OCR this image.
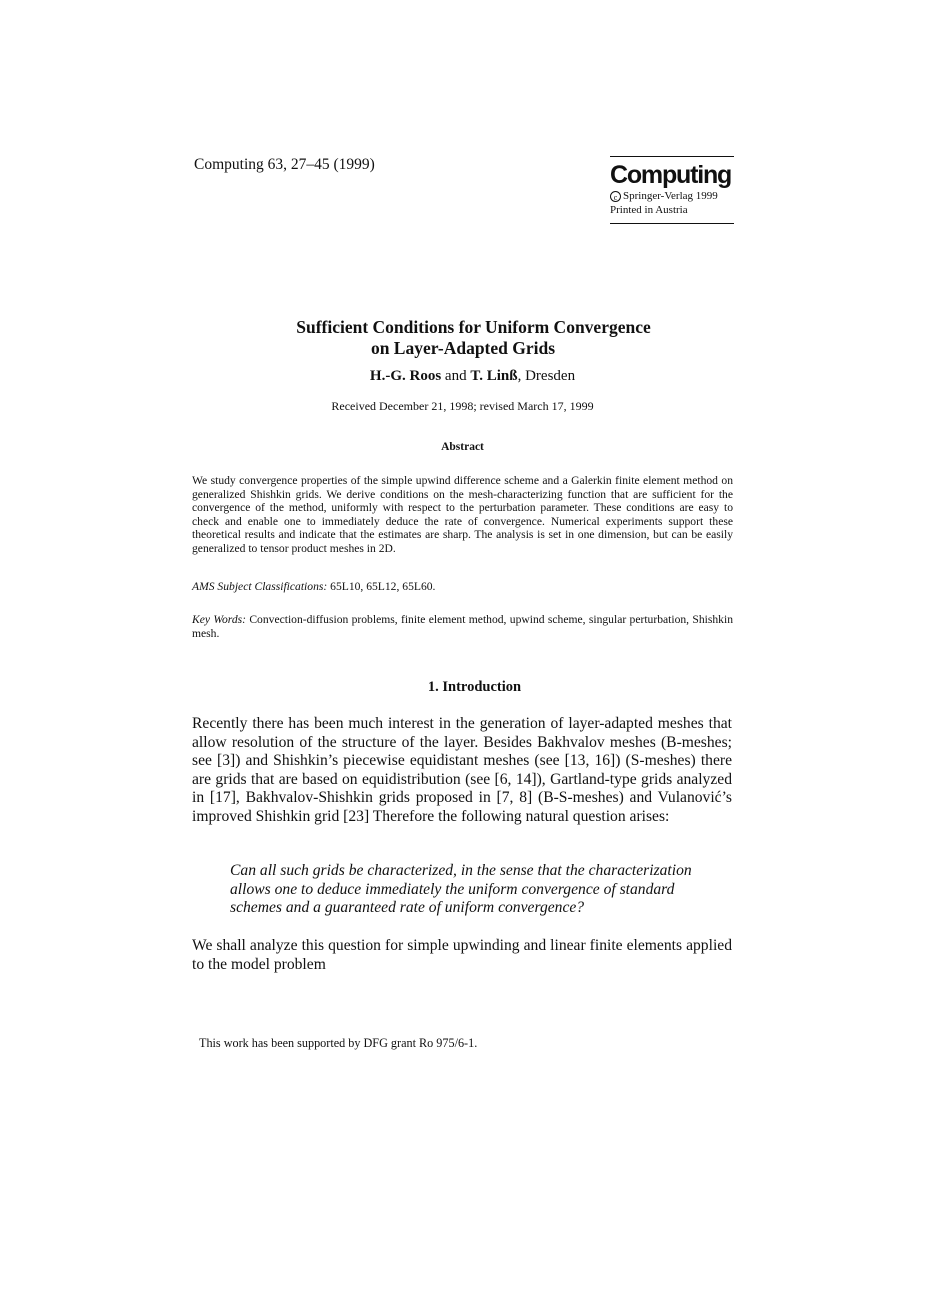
Computing 63, 27–45 (1999)	Computing
c Springer-Verlag 1999
Printed in Austria
Sufficient Conditions for Uniform Convergence
on Layer-Adapted Grids
H.-G. Roos and T. Linß, Dresden
Received December 21, 1998; revised March 17, 1999
Abstract
We study convergence properties of the simple upwind difference scheme and a Galerkin finite element method on generalized Shishkin grids. We derive conditions on the mesh-characterizing function that are sufficient for the convergence of the method, uniformly with respect to the perturbation parameter. These conditions are easy to check and enable one to immediately deduce the rate of convergence. Numerical experiments support these theoretical results and indicate that the estimates are sharp. The analysis is set in one dimension, but can be easily generalized to tensor product meshes in 2D.
AMS Subject Classifications: 65L10, 65L12, 65L60.
Key Words: Convection-diffusion problems, finite element method, upwind scheme, singular perturbation, Shishkin mesh.
1. Introduction
Recently there has been much interest in the generation of layer-adapted meshes that allow resolution of the structure of the layer. Besides Bakhvalov meshes (B-meshes; see [3]) and Shishkin’s piecewise equidistant meshes (see [13, 16]) (S-meshes) there are grids that are based on equidistribution (see [6, 14]), Gartland-type grids analyzed in [17], Bakhvalov-Shishkin grids proposed in [7, 8] (B-S-meshes) and Vulanović’s improved Shishkin grid [23] Therefore the following natural question arises:
Can all such grids be characterized, in the sense that the characterization allows one to deduce immediately the uniform convergence of standard schemes and a guaranteed rate of uniform convergence?
We shall analyze this question for simple upwinding and linear finite elements applied to the model problem
This work has been supported by DFG grant Ro 975/6-1.
